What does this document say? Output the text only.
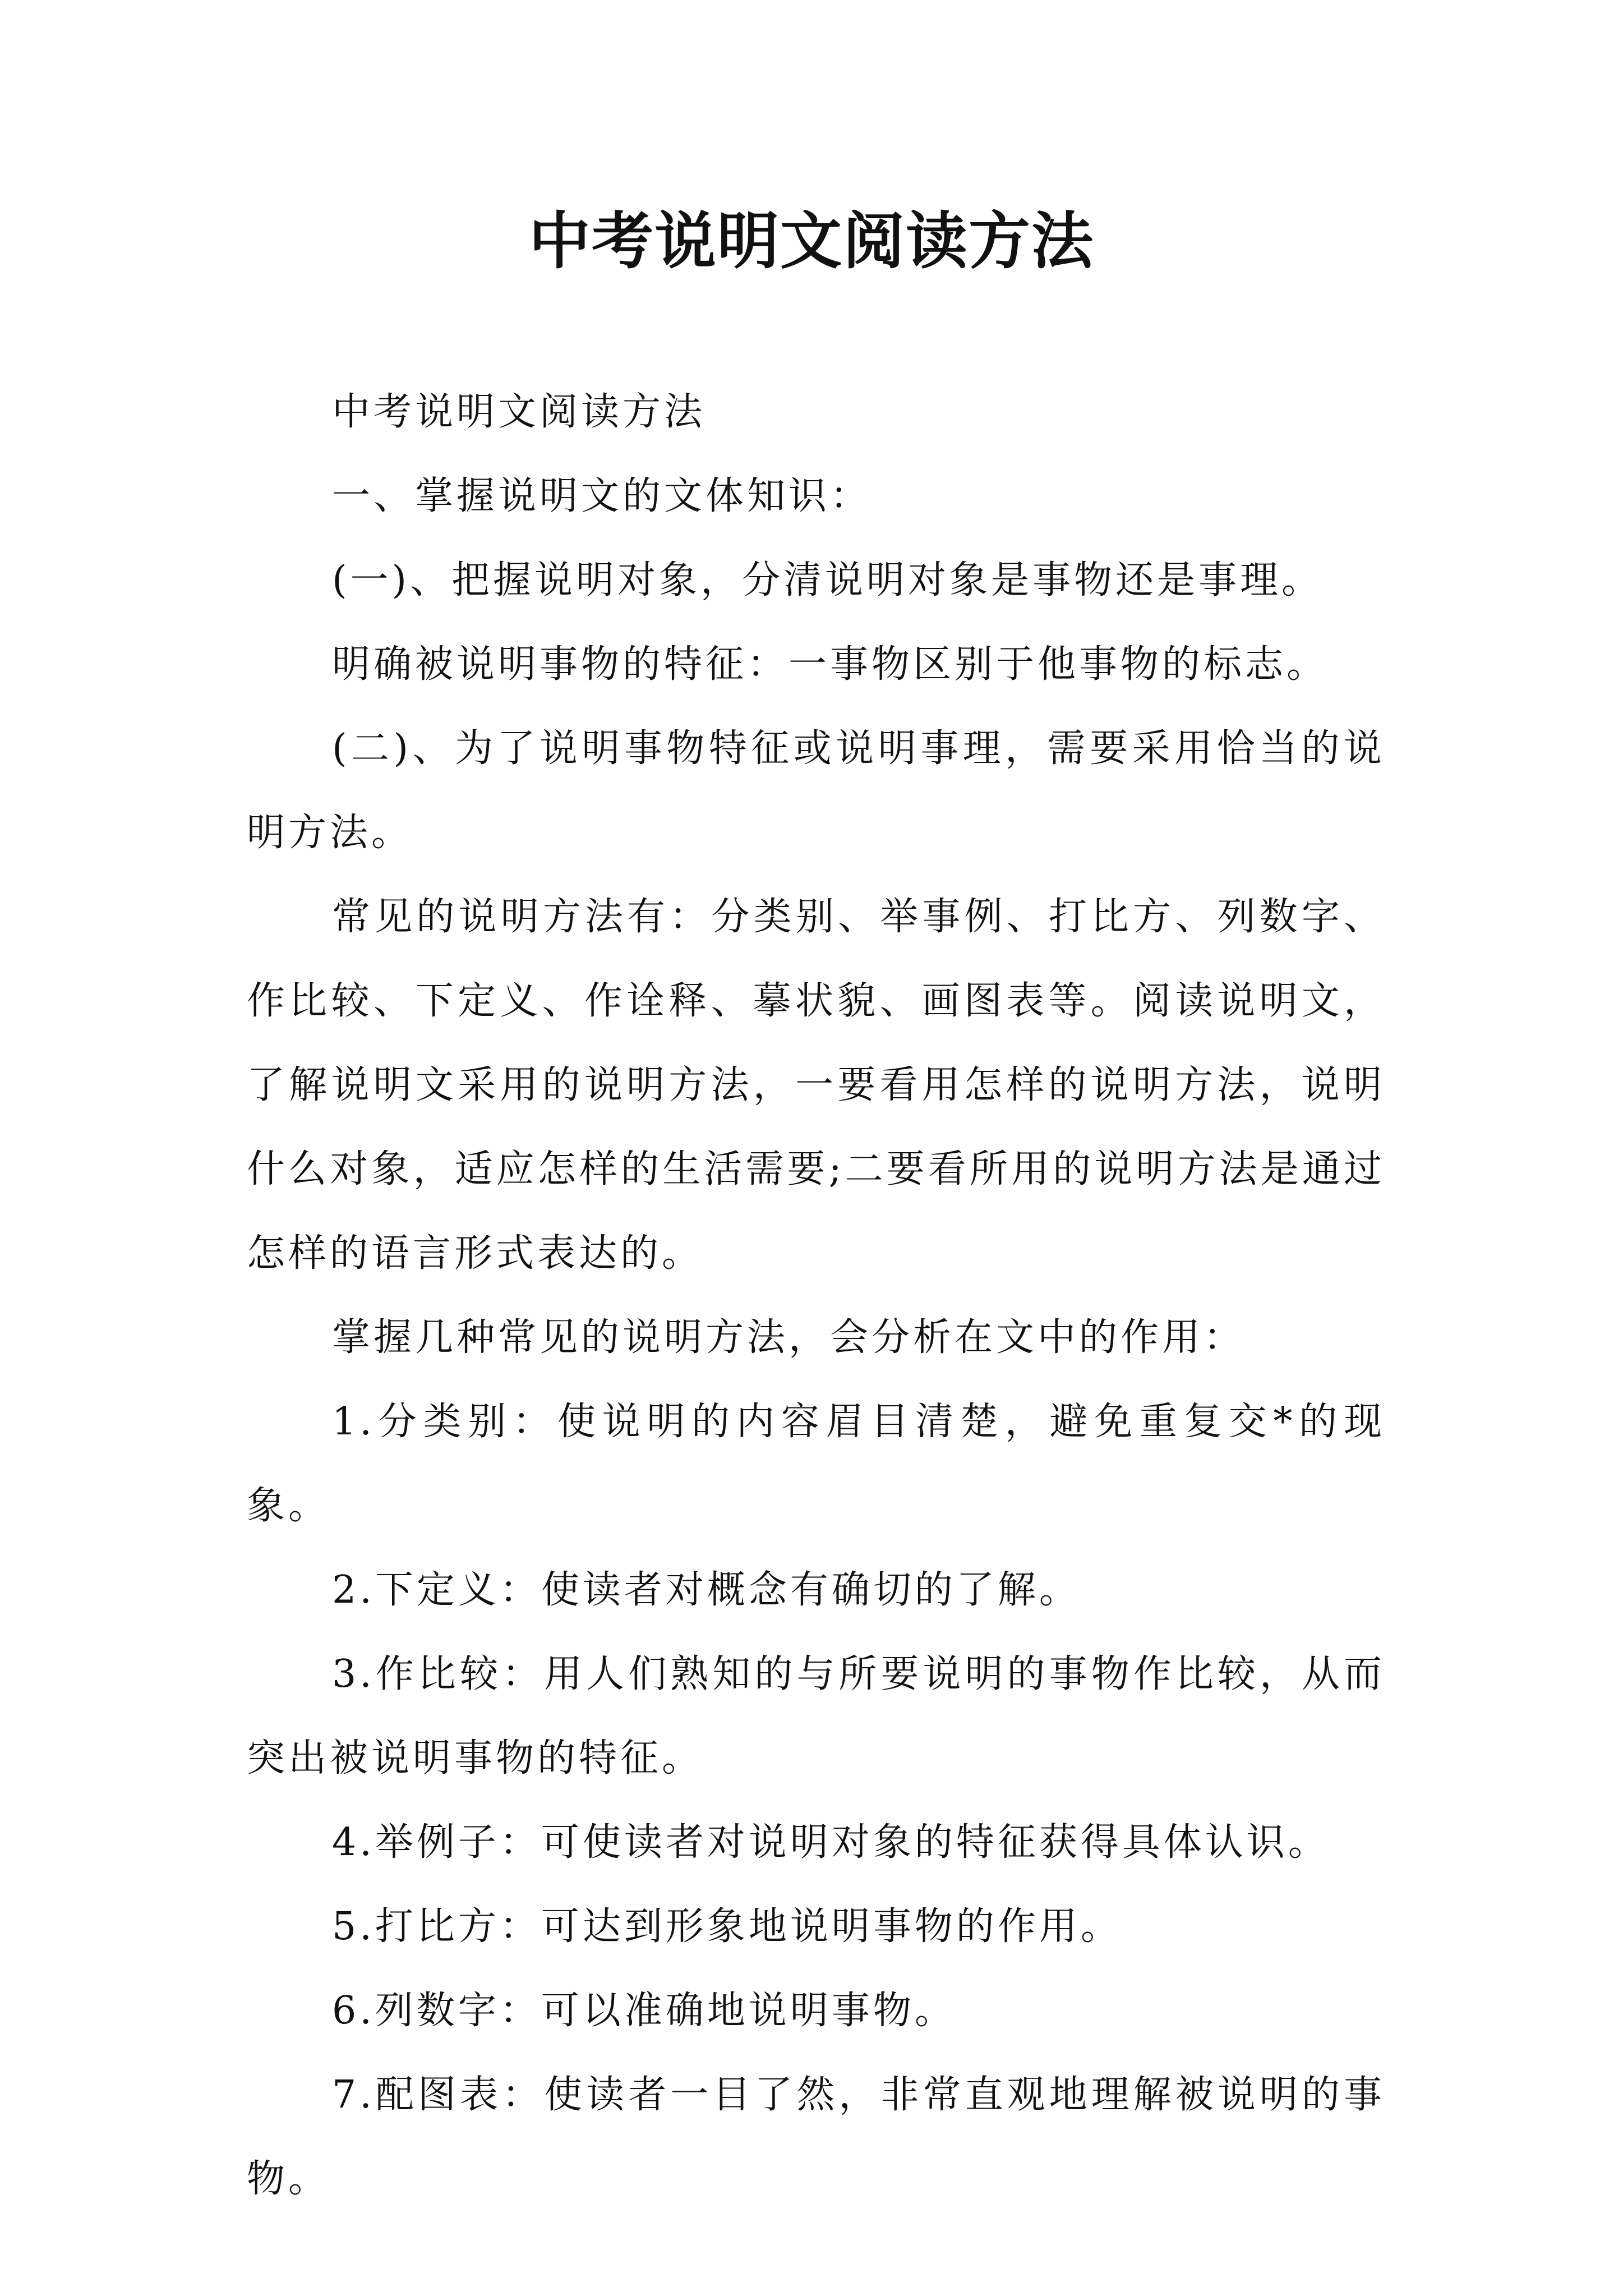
中考说明文阅读方法

中考说明文阅读方法

一、掌握说明文的文体知识：

(一)、把握说明对象，分清说明对象是事物还是事理。

明确被说明事物的特征：一事物区别于他事物的标志。

(二)、为了说明事物特征或说明事理，需要采用恰当的说明方法。

常见的说明方法有：分类别、举事例、打比方、列数字、作比较、下定义、作诠释、摹状貌、画图表等。阅读说明文，了解说明文采用的说明方法，一要看用怎样的说明方法，说明什么对象，适应怎样的生活需要;二要看所用的说明方法是通过怎样的语言形式表达的。

掌握几种常见的说明方法，会分析在文中的作用：

1.分类别：使说明的内容眉目清楚，避免重复交*的现象。

2.下定义：使读者对概念有确切的了解。

3.作比较：用人们熟知的与所要说明的事物作比较，从而突出被说明事物的特征。

4.举例子：可使读者对说明对象的特征获得具体认识。

5.打比方：可达到形象地说明事物的作用。

6.列数字：可以准确地说明事物。

7.配图表：使读者一目了然，非常直观地理解被说明的事物。
